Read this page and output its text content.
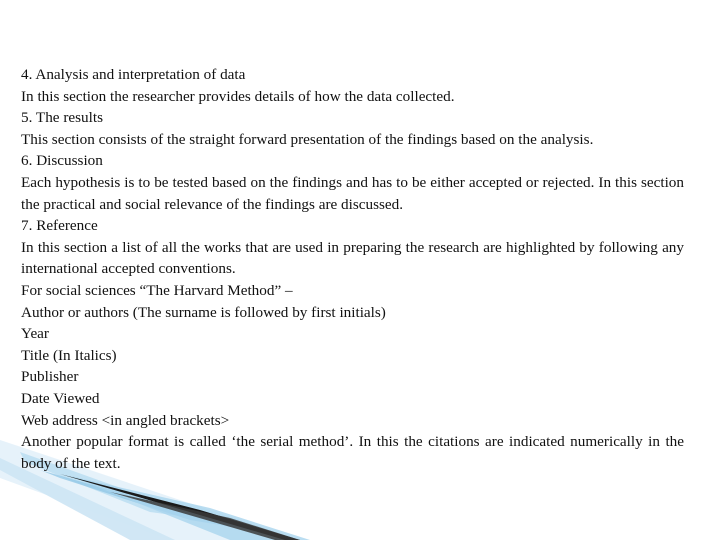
4. Analysis and interpretation of data

In this section the researcher provides details of how the data collected.

5. The results

This section consists of the straight forward presentation of the findings based on the analysis.

6. Discussion

Each hypothesis is to be tested based on the findings and has to be either accepted or rejected. In this section the practical and social relevance of the findings are discussed.

7. Reference

In this section a list of all the works that are used in preparing the research are highlighted by following any international accepted conventions.

For social sciences “The Harvard Method” –

Author or authors (The surname is followed by first initials)

Year

Title (In Italics)

Publisher

Date Viewed

Web address <in angled brackets>

Another popular format is called ‘the serial method’. In this the citations are indicated numerically in the body of the text.
